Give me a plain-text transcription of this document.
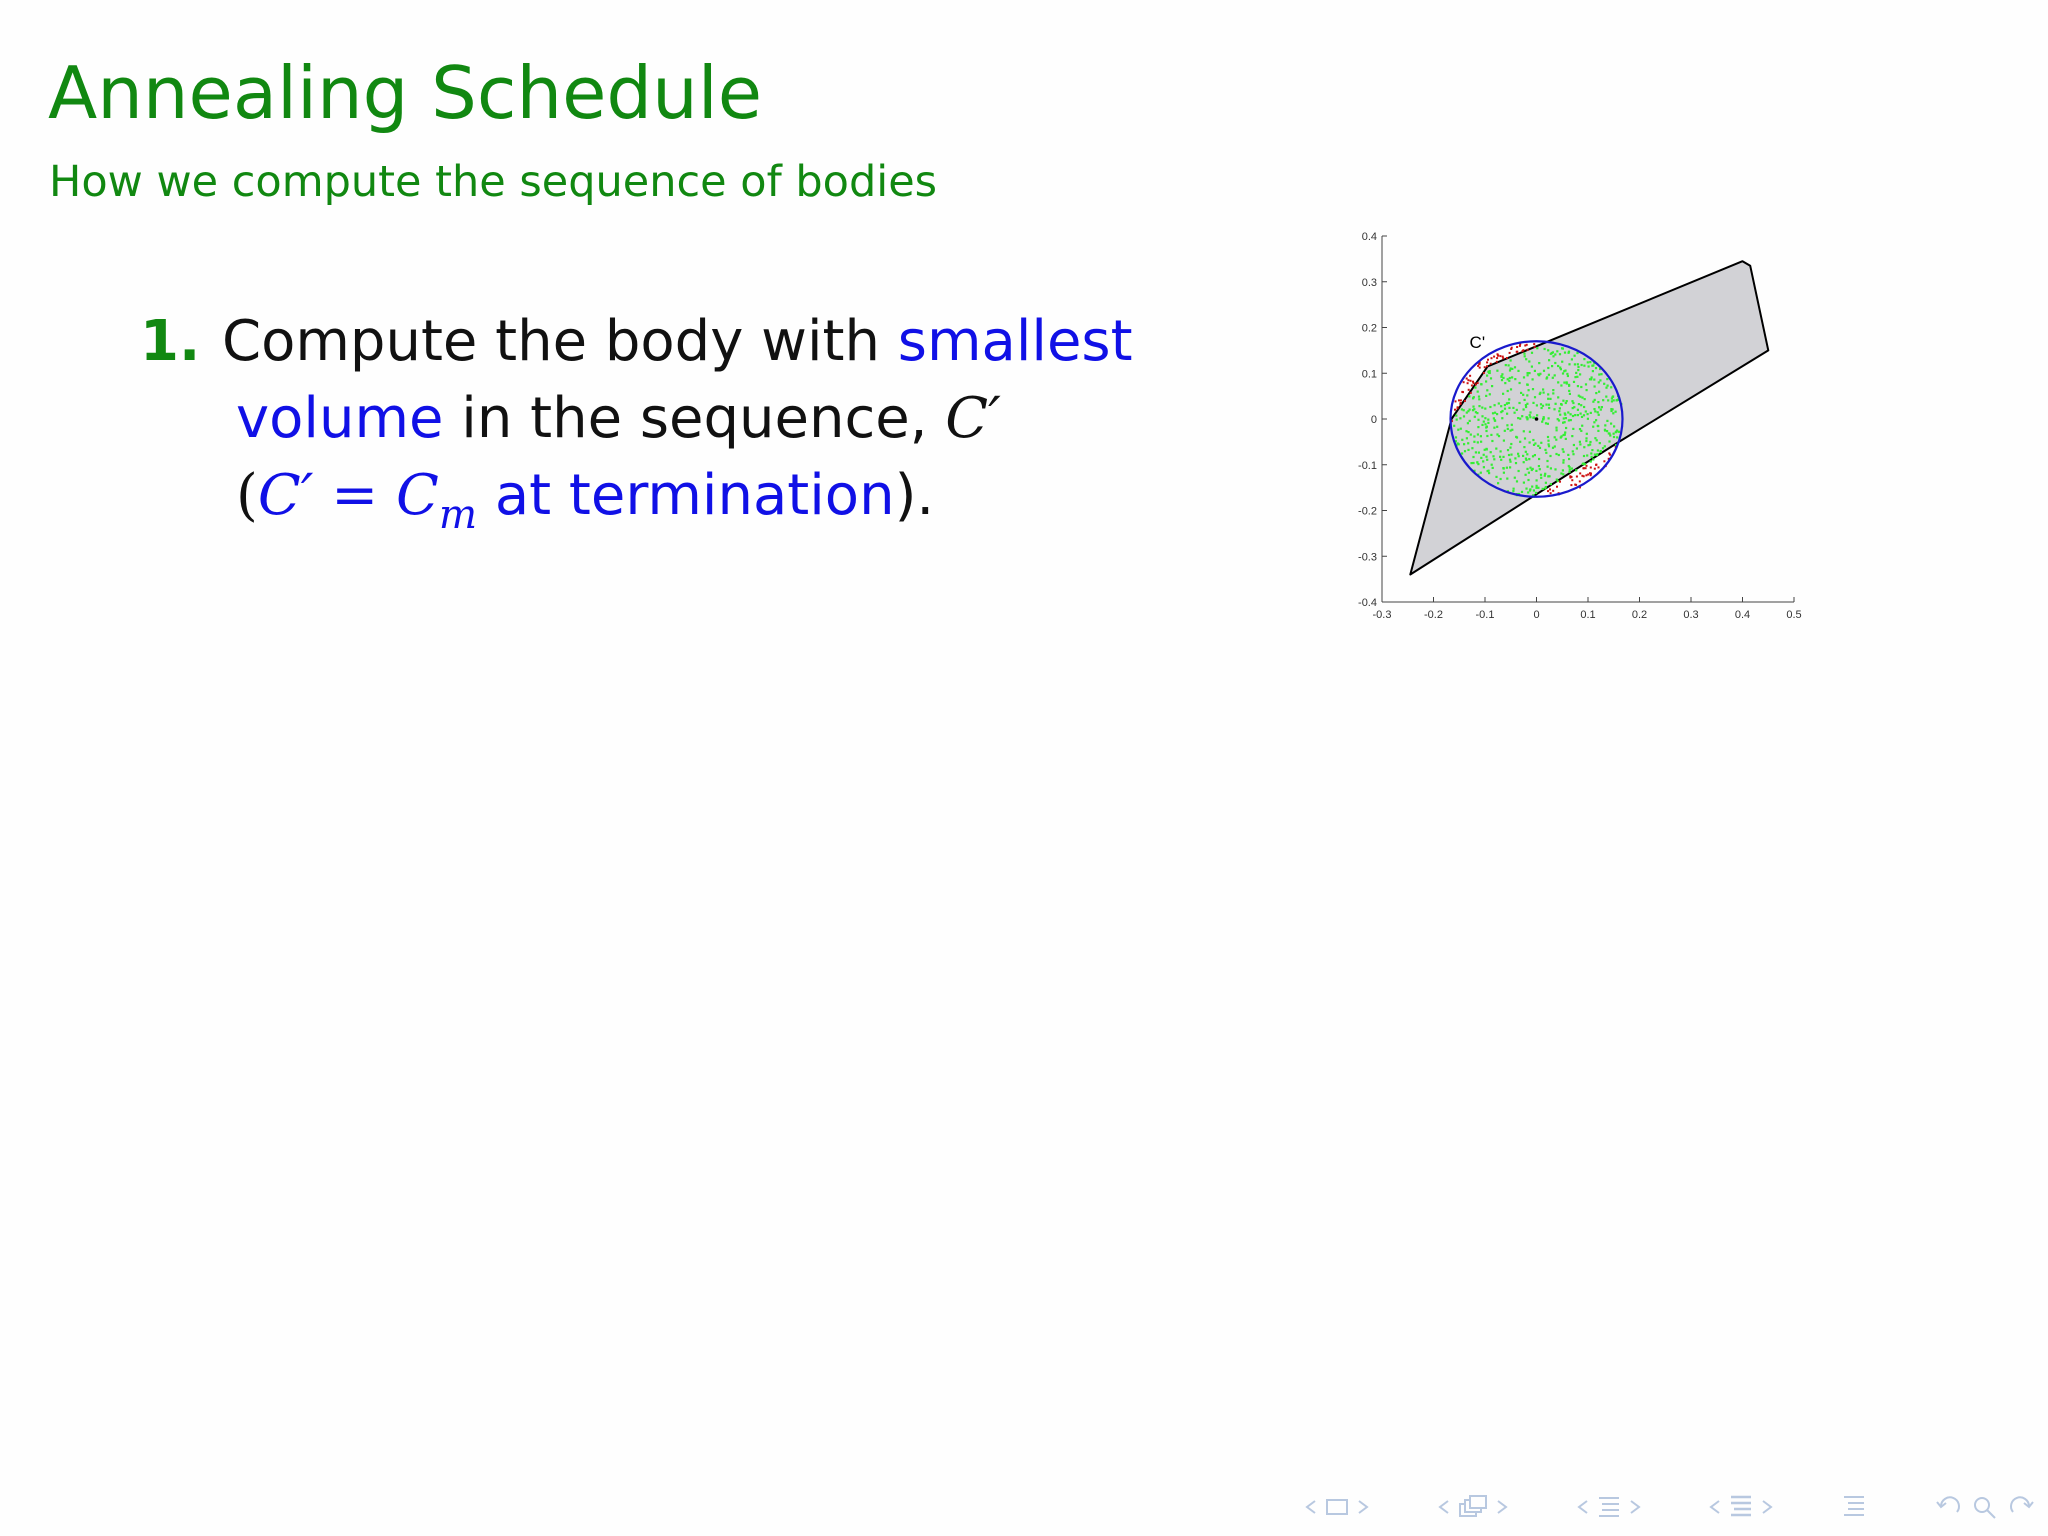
Annealing Schedule

How we compute the sequence of bodies

1. Compute the body with smallest
volume in the sequence, C′
($C' = C_m$ at termination).
C'
0.4
0.3
0.2
0.1
0
-0.1
-0.2
-0.3
-0.4
-0.3	-0.2	-0.1	0	0.1	0.2	0.3	0.4	0.5
